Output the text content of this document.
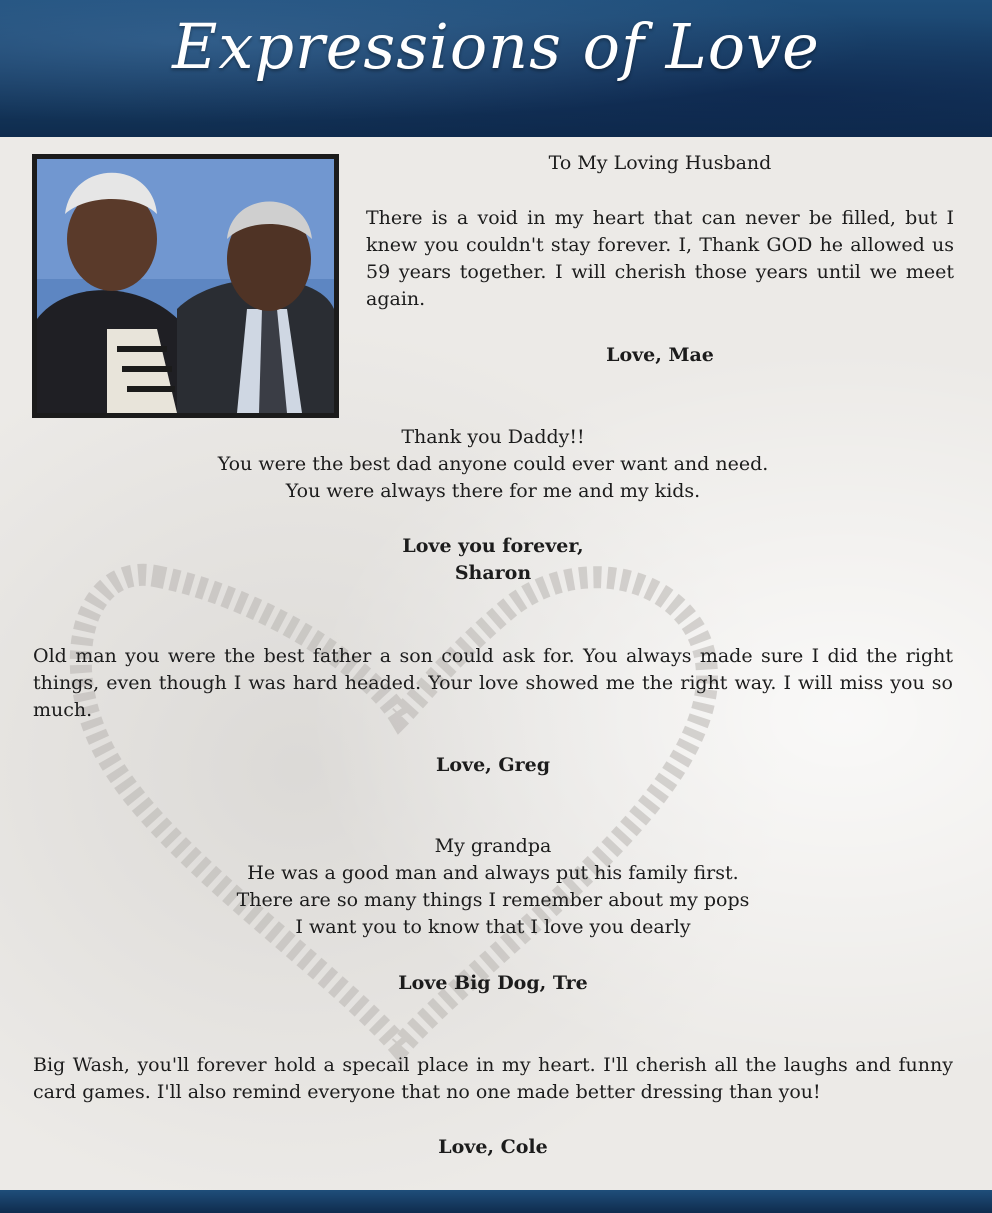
Expressions of Love
To My Loving Husband
There is a void in my heart that can never be filled, but I knew you couldn't stay forever. I, Thank GOD he allowed us 59 years together. I will cherish those years until we meet again.
Love, Mae
Thank you Daddy!!
You were the best dad anyone could ever want and need.
You were always there for me and my kids.
Love you forever,
Sharon
Old man you were the best father a son could ask for. You always made sure I did the right things, even though I was hard headed. Your love showed me the right way. I will miss you so much.
Love, Greg
My grandpa
He was a good man and always put his family first.
There are so many things I remember about my pops
I want you to know that I love you dearly
Love Big Dog, Tre
Big Wash, you'll forever hold a specail place in my heart. I'll cherish all the laughs and funny card games. I'll also remind everyone that no one made better dressing than you!
Love, Cole
